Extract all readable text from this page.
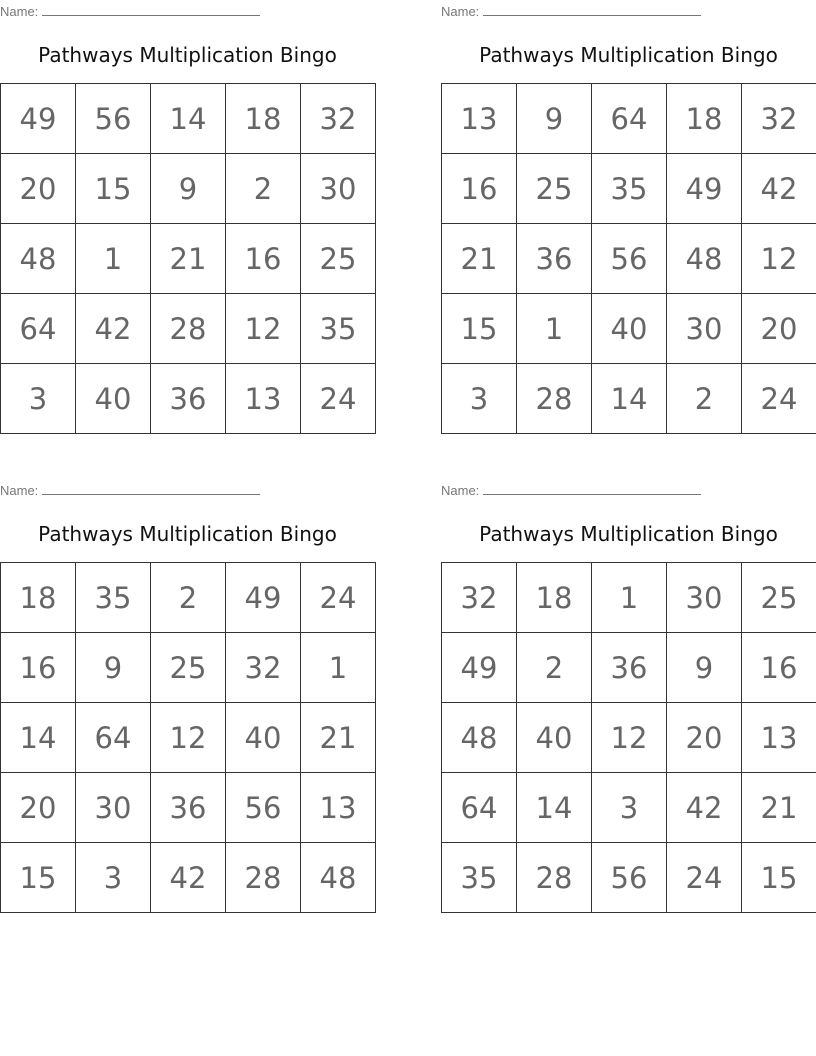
Name:
Pathways Multiplication Bingo
49	56	14	18	32
20	15	9	2	30
48	1	21	16	25
64	42	28	12	35
3	40	36	13	24
Name:
Pathways Multiplication Bingo
13	9	64	18	32
16	25	35	49	42
21	36	56	48	12
15	1	40	30	20
3	28	14	2	24
Name:
Pathways Multiplication Bingo
18	35	2	49	24
16	9	25	32	1
14	64	12	40	21
20	30	36	56	13
15	3	42	28	48
Name:
Pathways Multiplication Bingo
32	18	1	30	25
49	2	36	9	16
48	40	12	20	13
64	14	3	42	21
35	28	56	24	15
